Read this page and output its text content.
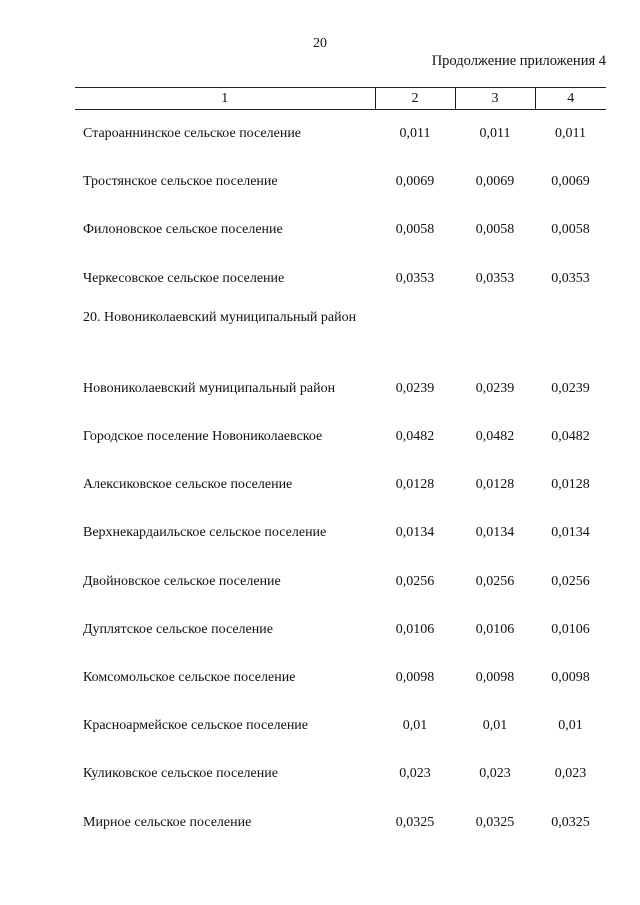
20
Продолжение приложения 4
1	2	3	4
Староаннинское сельское поселение	0,011	0,011	0,011
Тростянское сельское поселение	0,0069	0,0069	0,0069
Филоновское сельское поселение	0,0058	0,0058	0,0058
Черкесовское сельское поселение	0,0353	0,0353	0,0353
20. Новониколаевский муниципальный район			
Новониколаевский муниципальный район	0,0239	0,0239	0,0239
Городское поселение Новониколаевское	0,0482	0,0482	0,0482
Алексиковское сельское поселение	0,0128	0,0128	0,0128
Верхнекардаильское сельское поселение	0,0134	0,0134	0,0134
Двойновское сельское поселение	0,0256	0,0256	0,0256
Дуплятское сельское поселение	0,0106	0,0106	0,0106
Комсомольское сельское поселение	0,0098	0,0098	0,0098
Красноармейское сельское поселение	0,01	0,01	0,01
Куликовское сельское поселение	0,023	0,023	0,023
Мирное сельское поселение	0,0325	0,0325	0,0325
